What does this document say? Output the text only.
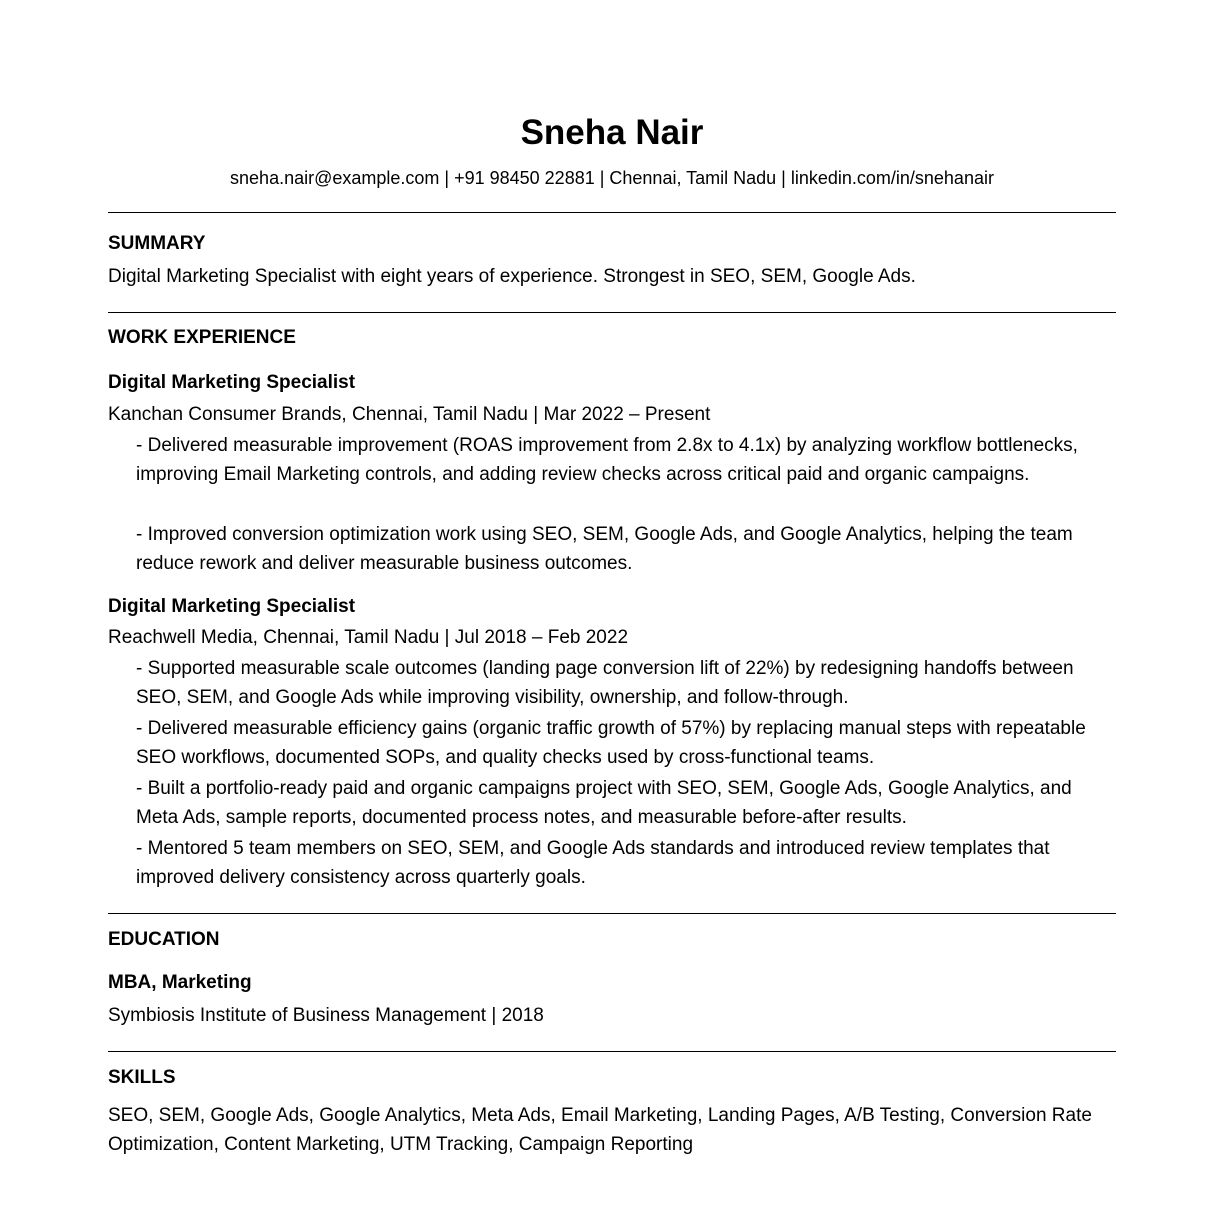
Sneha Nair
sneha.nair@example.com | +91 98450 22881 | Chennai, Tamil Nadu | linkedin.com/in/snehanair
SUMMARY
Digital Marketing Specialist with eight years of experience. Strongest in SEO, SEM, Google Ads.
WORK EXPERIENCE
Digital Marketing Specialist
Kanchan Consumer Brands, Chennai, Tamil Nadu | Mar 2022 – Present
- Delivered measurable improvement (ROAS improvement from 2.8x to 4.1x) by analyzing workflow bottlenecks, improving Email Marketing controls, and adding review checks across critical paid and organic campaigns.
- Improved conversion optimization work using SEO, SEM, Google Ads, and Google Analytics, helping the team reduce rework and deliver measurable business outcomes.
Digital Marketing Specialist
Reachwell Media, Chennai, Tamil Nadu | Jul 2018 – Feb 2022
- Supported measurable scale outcomes (landing page conversion lift of 22%) by redesigning handoffs between SEO, SEM, and Google Ads while improving visibility, ownership, and follow-through.
- Delivered measurable efficiency gains (organic traffic growth of 57%) by replacing manual steps with repeatable SEO workflows, documented SOPs, and quality checks used by cross-functional teams.
- Built a portfolio-ready paid and organic campaigns project with SEO, SEM, Google Ads, Google Analytics, and Meta Ads, sample reports, documented process notes, and measurable before-after results.
- Mentored 5 team members on SEO, SEM, and Google Ads standards and introduced review templates that improved delivery consistency across quarterly goals.
EDUCATION
MBA, Marketing
Symbiosis Institute of Business Management | 2018
SKILLS
SEO, SEM, Google Ads, Google Analytics, Meta Ads, Email Marketing, Landing Pages, A/B Testing, Conversion Rate Optimization, Content Marketing, UTM Tracking, Campaign Reporting
